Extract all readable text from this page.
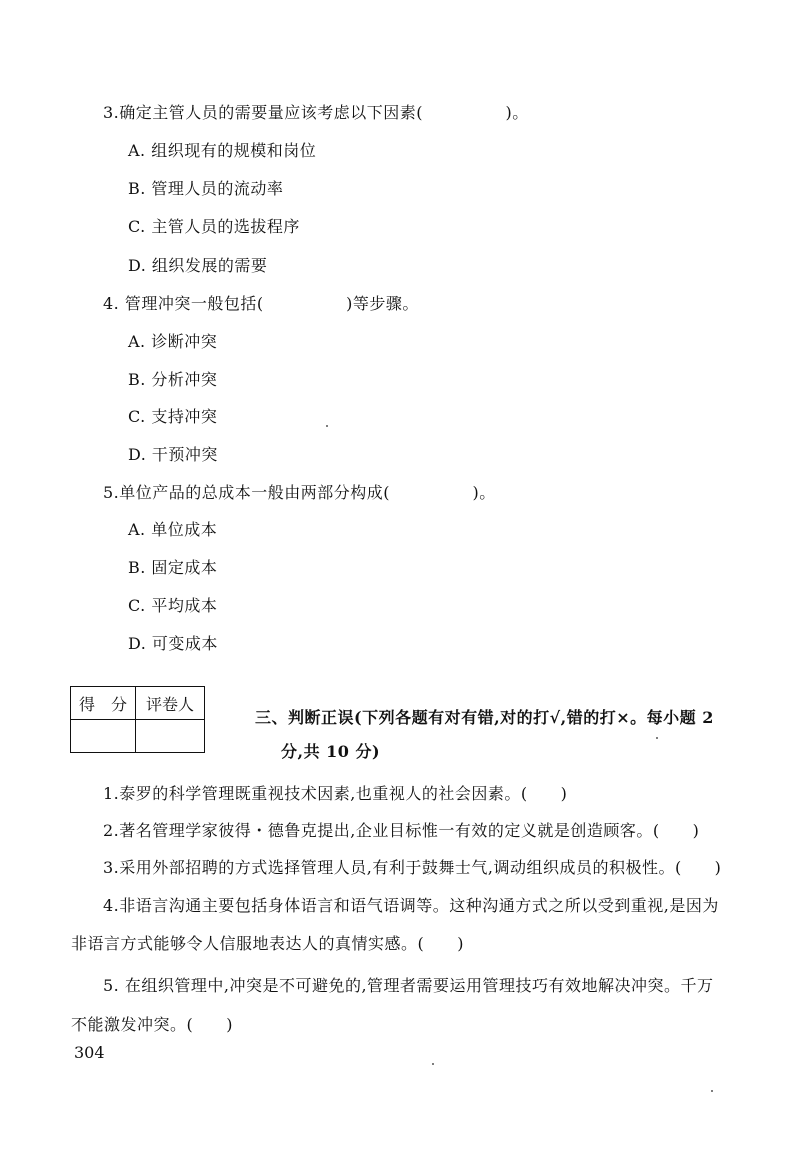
3.确定主管人员的需要量应该考虑以下因素(　　　　　)。
A. 组织现有的规模和岗位
B. 管理人员的流动率
C. 主管人员的选拔程序
D. 组织发展的需要
4. 管理冲突一般包括(　　　　　)等步骤。
A. 诊断冲突
B. 分析冲突
C. 支持冲突
D. 干预冲突
5.单位产品的总成本一般由两部分构成(　　　　　)。
A. 单位成本
B. 固定成本
C. 平均成本
D. 可变成本
得　分	评卷人

三、判断正误(下列各题有对有错,对的打√,错的打×。每小题 2
分,共 10 分)
1.泰罗的科学管理既重视技术因素,也重视人的社会因素。(　　)
2.著名管理学家彼得・德鲁克提出,企业目标惟一有效的定义就是创造顾客。(　　)
3.采用外部招聘的方式选择管理人员,有利于鼓舞士气,调动组织成员的积极性。(　　)
4.非语言沟通主要包括身体语言和语气语调等。这种沟通方式之所以受到重视,是因为
非语言方式能够令人信服地表达人的真情实感。(　　)
5. 在组织管理中,冲突是不可避免的,管理者需要运用管理技巧有效地解决冲突。千万
不能激发冲突。(　　)
304
